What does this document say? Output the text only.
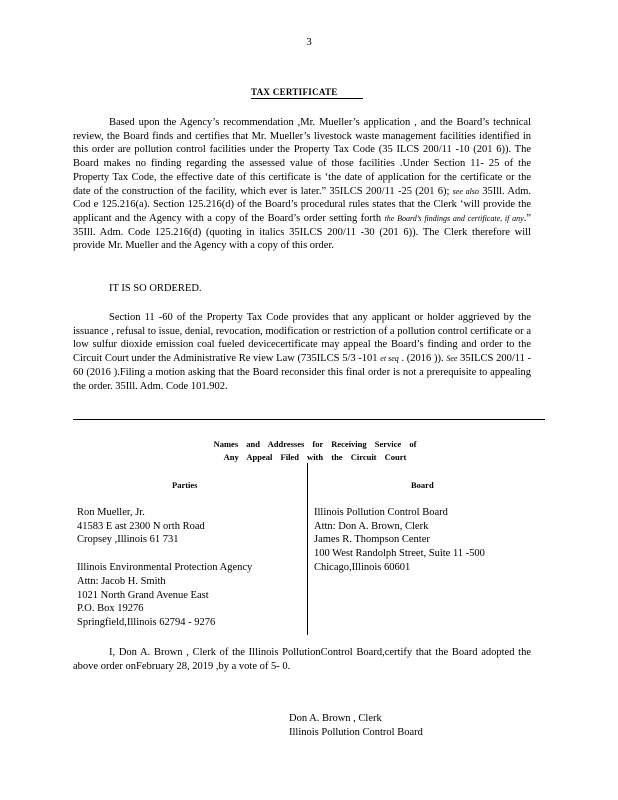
3
TAX CERTIFICATE

Based upon the Agency’s recommendation ,Mr. Mueller’s application , and the Board’s technical review, the Board finds and certifies that Mr. Mueller’s livestock waste management facilities identified in this order are pollution control facilities under the Property Tax Code (35 ILCS 200/11 -10 (201 6)). The Board makes no finding regarding the assessed value of those facilities .Under Section 11- 25 of the Property Tax Code, the effective date of this certificate is ‘the date of application for the certificate or the date of the construction of the facility, which ever is later.” 35ILCS 200/11 -25 (201 6); see also 35Ill. Adm. Cod e 125.216(a). Section 125.216(d) of the Board’s procedural rules states that the Clerk ‘will provide the applicant and the Agency with a copy of the Board’s order setting forth the Board’s findings and certificate, if any.” 35Ill. Adm. Code 125.216(d) (quoting in italics 35ILCS 200/11 -30 (201 6)). The Clerk therefore will provide Mr. Mueller and the Agency with a copy of this order.

IT IS SO ORDERED.

Section 11 -60 of the Property Tax Code provides that any applicant or holder aggrieved by the issuance , refusal to issue, denial, revocation, modification or restriction of a pollution control certificate or a low sulfur dioxide emission coal fueled devicecertificate may appeal the Board’s finding and order to the Circuit Court under the Administrative Re view Law (735ILCS 5/3 -101 et seq . (2016 )). See 35ILCS 200/11 - 60 (2016 ).Filing a motion asking that the Board reconsider this final order is not a prerequisite to appealing the order. 35Ill. Adm. Code 101.902.

Names and Addresses for Receiving Service of
Any Appeal Filed with the Circuit Court
Parties	Board
Ron Mueller, Jr.
41583 E ast 2300 N orth Road
Cropsey ,Illinois 61 731
Illinois Environmental Protection Agency
Attn: Jacob H. Smith
1021 North Grand Avenue East
P.O. Box 19276
Springfield,Illinois 62794 - 9276
Illinois Pollution Control Board
Attn: Don A. Brown, Clerk
James R. Thompson Center
100 West Randolph Street, Suite 11 -500
Chicago,Illinois 60601

I, Don A. Brown , Clerk of the Illinois PollutionControl Board,certify that the Board adopted the above order onFebruary 28, 2019 ,by a vote of 5- 0.

Don A. Brown , Clerk
Illinois Pollution Control Board
